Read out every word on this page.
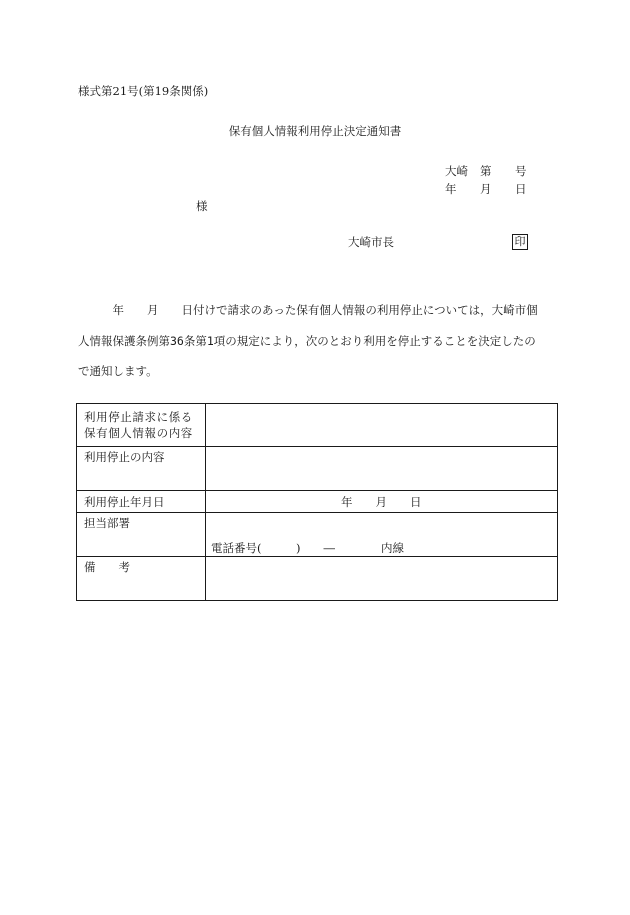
様式第21号(第19条関係)
保有個人情報利用停止決定通知書
大崎 第 号
年 月 日
様
大崎市長	印
　　　年　　月　　日付けで請求のあった保有個人情報の利用停止については，大崎市個
人情報保護条例第36条第1項の規定により，次のとおり利用を停止することを決定したの
で通知します。
利用停止請求に係る
保有個人情報の内容
利用停止の内容
利用停止年月日	年　　月　　日
担当部署
電話番号(　　　)　　―　　　　内線
備　　考
